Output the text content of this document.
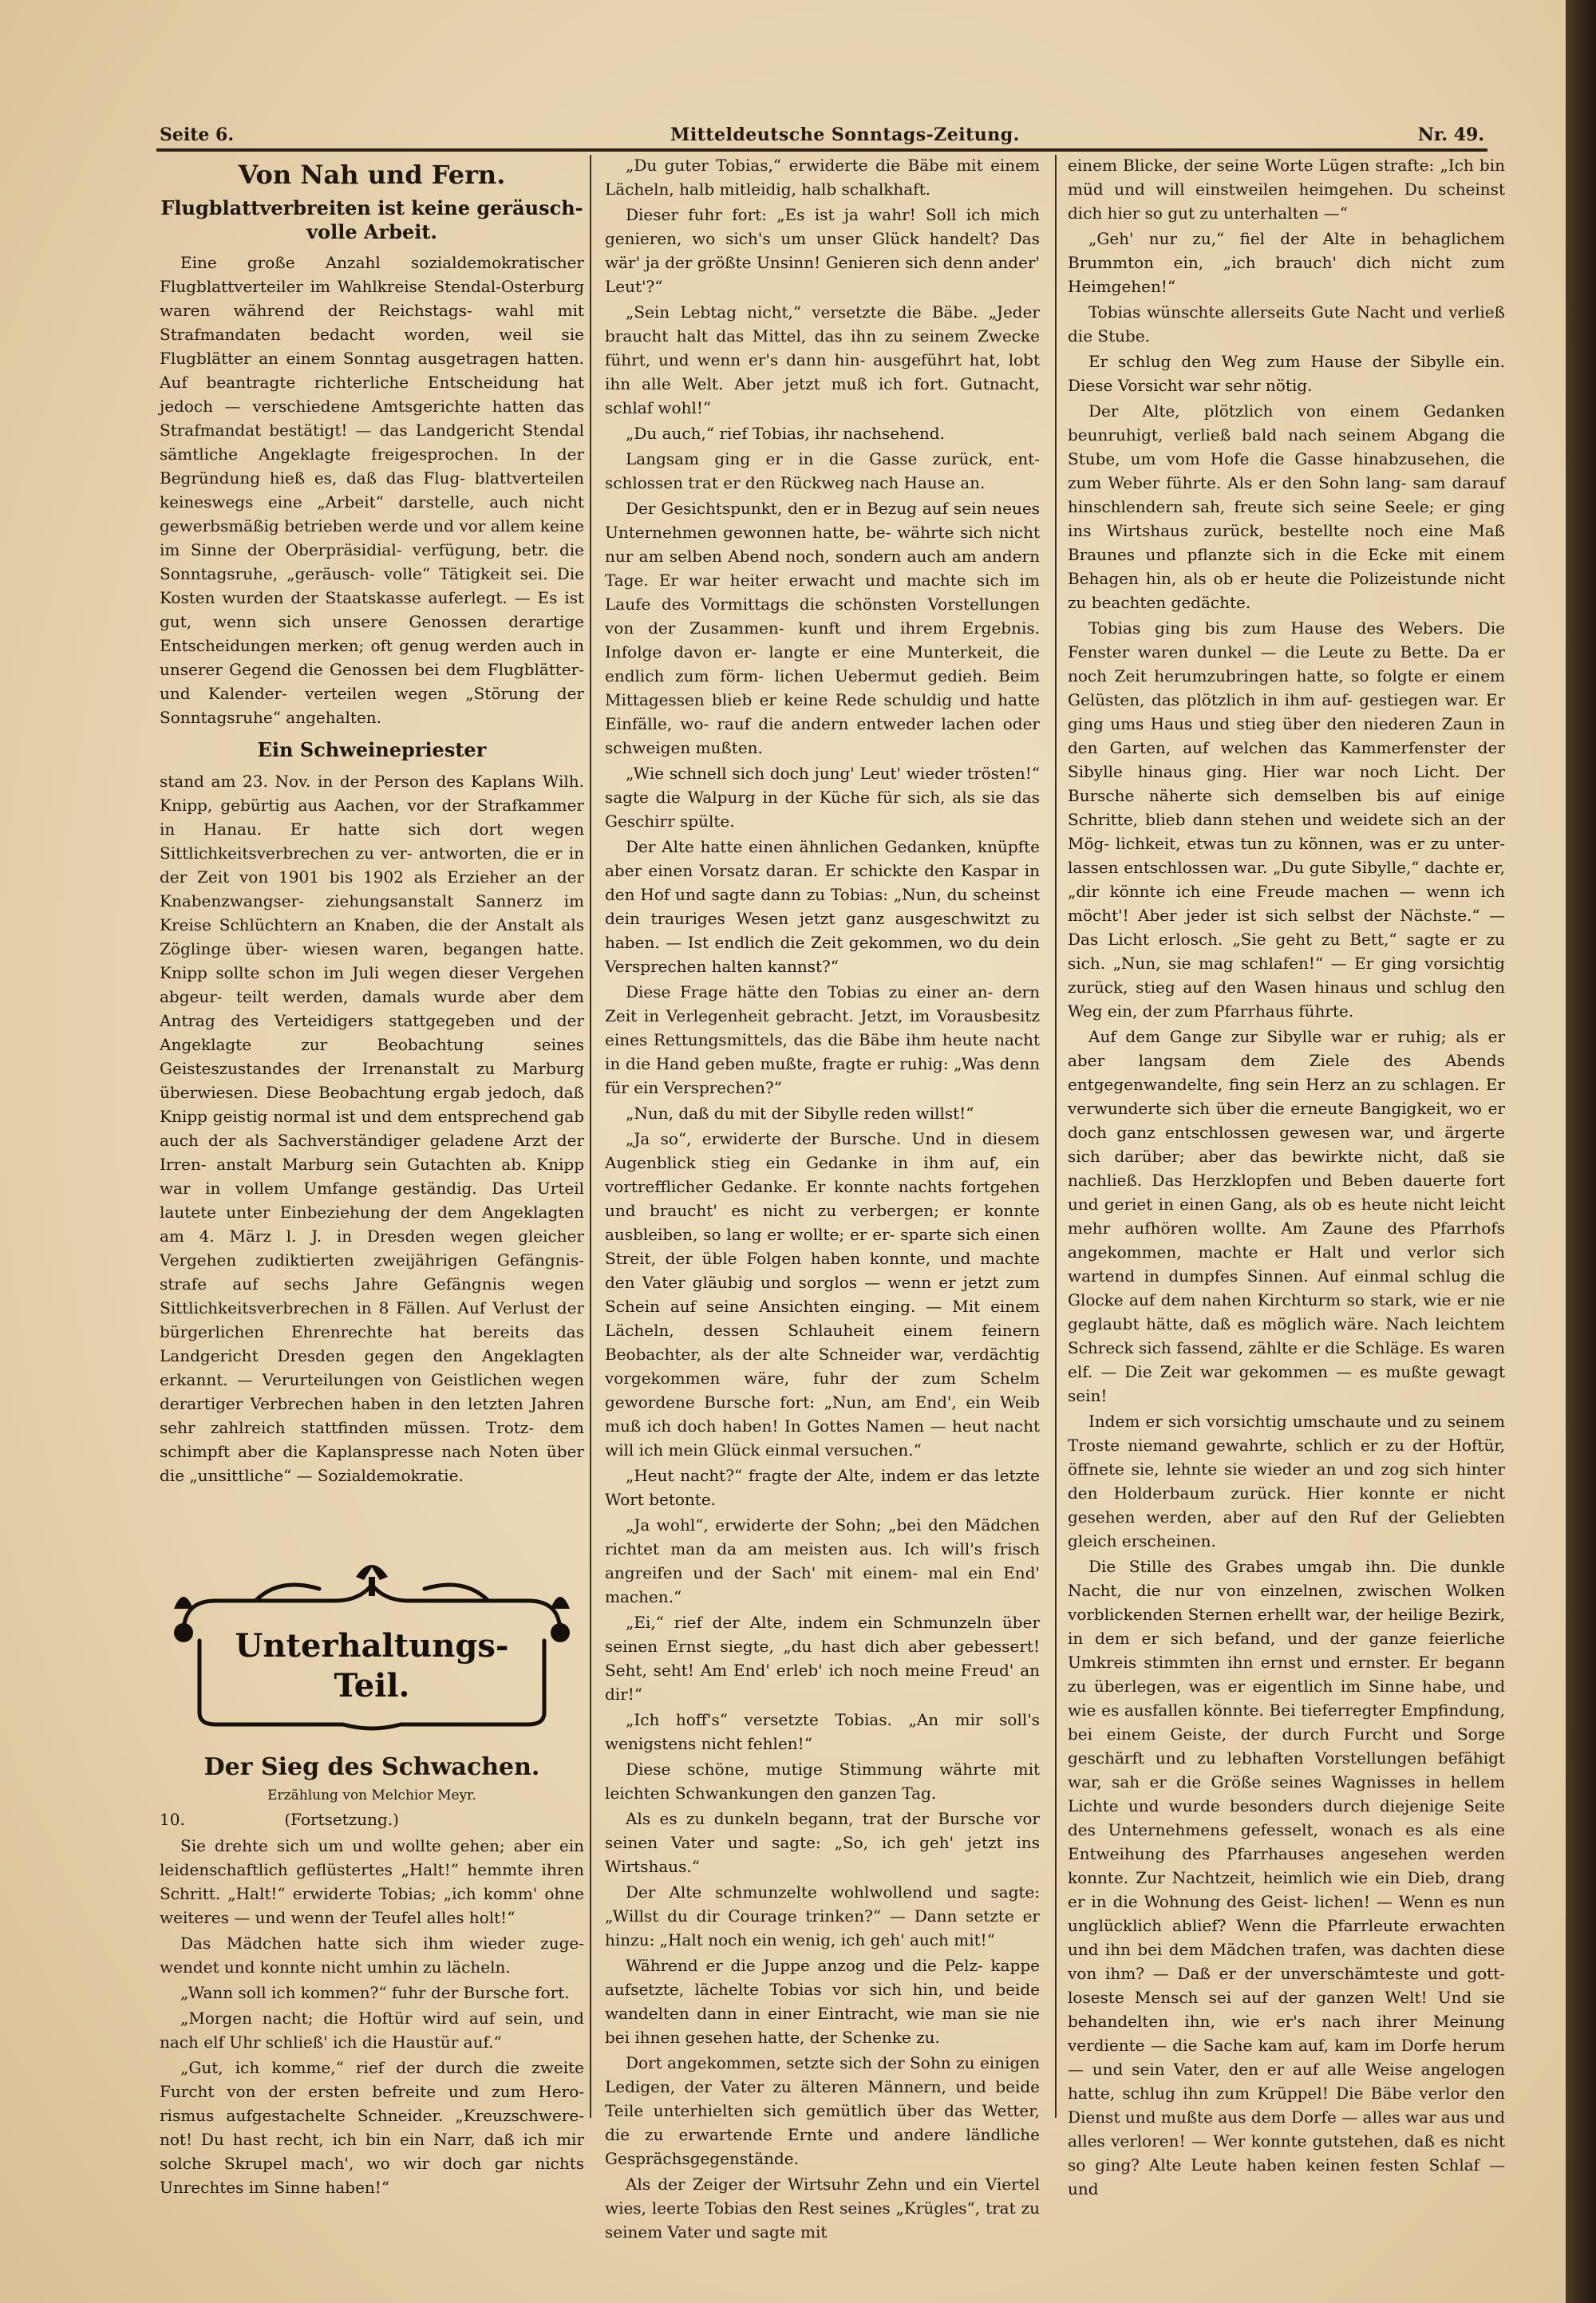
Seite 6.	Mitteldeutsche Sonntags-Zeitung.	Nr. 49.
Von Nah und Fern.
Flugblattverbreiten ist keine geräusch- volle Arbeit.

Eine große Anzahl sozialdemokratischer Flugblattverteiler im Wahlkreise Stendal-Osterburg waren während der Reichstags- wahl mit Strafmandaten bedacht worden, weil sie Flugblätter an einem Sonntag ausgetragen hatten. Auf beantragte richterliche Entscheidung hat jedoch — verschiedene Amtsgerichte hatten das Strafmandat bestätigt! — das Landgericht Stendal sämtliche Angeklagte freigesprochen. In der Begründung hieß es, daß das Flug- blattverteilen keineswegs eine „Arbeit“ darstelle, auch nicht gewerbsmäßig betrieben werde und vor allem keine im Sinne der Oberpräsidial- verfügung, betr. die Sonntagsruhe, „geräusch- volle“ Tätigkeit sei. Die Kosten wurden der Staatskasse auferlegt. — Es ist gut, wenn sich unsere Genossen derartige Entscheidungen merken; oft genug werden auch in unserer Gegend die Genossen bei dem Flugblätter- und Kalender- verteilen wegen „Störung der Sonntagsruhe“ angehalten.

Ein Schweinepriester

stand am 23. Nov. in der Person des Kaplans Wilh. Knipp, gebürtig aus Aachen, vor der Strafkammer in Hanau. Er hatte sich dort wegen Sittlichkeitsverbrechen zu ver- antworten, die er in der Zeit von 1901 bis 1902 als Erzieher an der Knabenzwangser- ziehungsanstalt Sannerz im Kreise Schlüchtern an Knaben, die der Anstalt als Zöglinge über- wiesen waren, begangen hatte. Knipp sollte schon im Juli wegen dieser Vergehen abgeur- teilt werden, damals wurde aber dem Antrag des Verteidigers stattgegeben und der Angeklagte zur Beobachtung seines Geisteszustandes der Irrenanstalt zu Marburg überwiesen. Diese Beobachtung ergab jedoch, daß Knipp geistig normal ist und dem entsprechend gab auch der als Sachverständiger geladene Arzt der Irren- anstalt Marburg sein Gutachten ab. Knipp war in vollem Umfange geständig. Das Urteil lautete unter Einbeziehung der dem Angeklagten am 4. März l. J. in Dresden wegen gleicher Vergehen zudiktierten zweijährigen Gefängnis- strafe auf sechs Jahre Gefängnis wegen Sittlichkeitsverbrechen in 8 Fällen. Auf Verlust der bürgerlichen Ehrenrechte hat bereits das Landgericht Dresden gegen den Angeklagten erkannt. — Verurteilungen von Geistlichen wegen derartiger Verbrechen haben in den letzten Jahren sehr zahlreich stattfinden müssen. Trotz- dem schimpft aber die Kaplanspresse nach Noten über die „unsittliche“ — Sozialdemokratie.

Unterhaltungs-Teil.
Der Sieg des Schwachen.
Erzählung von Melchior Meyr.
10.	(Fortsetzung.)

Sie drehte sich um und wollte gehen; aber ein leidenschaftlich geflüstertes „Halt!“ hemmte ihren Schritt. „Halt!“ erwiderte Tobias; „ich komm' ohne weiteres — und wenn der Teufel alles holt!“

Das Mädchen hatte sich ihm wieder zuge- wendet und konnte nicht umhin zu lächeln.

„Wann soll ich kommen?“ fuhr der Bursche fort.

„Morgen nacht; die Hoftür wird auf sein, und nach elf Uhr schließ' ich die Haustür auf.“

„Gut, ich komme,“ rief der durch die zweite Furcht von der ersten befreite und zum Hero- rismus aufgestachelte Schneider. „Kreuzschwere- not! Du hast recht, ich bin ein Narr, daß ich mir solche Skrupel mach', wo wir doch gar nichts Unrechtes im Sinne haben!“

„Du guter Tobias,“ erwiderte die Bäbe mit einem Lächeln, halb mitleidig, halb schalkhaft.

Dieser fuhr fort: „Es ist ja wahr! Soll ich mich genieren, wo sich's um unser Glück handelt? Das wär' ja der größte Unsinn! Genieren sich denn ander' Leut'?“

„Sein Lebtag nicht,“ versetzte die Bäbe. „Jeder braucht halt das Mittel, das ihn zu seinem Zwecke führt, und wenn er's dann hin- ausgeführt hat, lobt ihn alle Welt. Aber jetzt muß ich fort. Gutnacht, schlaf wohl!“

„Du auch,“ rief Tobias, ihr nachsehend.

Langsam ging er in die Gasse zurück, ent- schlossen trat er den Rückweg nach Hause an.

Der Gesichtspunkt, den er in Bezug auf sein neues Unternehmen gewonnen hatte, be- währte sich nicht nur am selben Abend noch, sondern auch am andern Tage. Er war heiter erwacht und machte sich im Laufe des Vormittags die schönsten Vorstellungen von der Zusammen- kunft und ihrem Ergebnis. Infolge davon er- langte er eine Munterkeit, die endlich zum förm- lichen Uebermut gedieh. Beim Mittagessen blieb er keine Rede schuldig und hatte Einfälle, wo- rauf die andern entweder lachen oder schweigen mußten.

„Wie schnell sich doch jung' Leut' wieder trösten!“ sagte die Walpurg in der Küche für sich, als sie das Geschirr spülte.

Der Alte hatte einen ähnlichen Gedanken, knüpfte aber einen Vorsatz daran. Er schickte den Kaspar in den Hof und sagte dann zu Tobias: „Nun, du scheinst dein trauriges Wesen jetzt ganz ausgeschwitzt zu haben. — Ist endlich die Zeit gekommen, wo du dein Versprechen halten kannst?“

Diese Frage hätte den Tobias zu einer an- dern Zeit in Verlegenheit gebracht. Jetzt, im Vorausbesitz eines Rettungsmittels, das die Bäbe ihm heute nacht in die Hand geben mußte, fragte er ruhig: „Was denn für ein Versprechen?“

„Nun, daß du mit der Sibylle reden willst!“

„Ja so“, erwiderte der Bursche. Und in diesem Augenblick stieg ein Gedanke in ihm auf, ein vortrefflicher Gedanke. Er konnte nachts fortgehen und braucht' es nicht zu verbergen; er konnte ausbleiben, so lang er wollte; er er- sparte sich einen Streit, der üble Folgen haben konnte, und machte den Vater gläubig und sorglos — wenn er jetzt zum Schein auf seine Ansichten einging. — Mit einem Lächeln, dessen Schlauheit einem feinern Beobachter, als der alte Schneider war, verdächtig vorgekommen wäre, fuhr der zum Schelm gewordene Bursche fort: „Nun, am End', ein Weib muß ich doch haben! In Gottes Namen — heut nacht will ich mein Glück einmal versuchen.“

„Heut nacht?“ fragte der Alte, indem er das letzte Wort betonte.

„Ja wohl“, erwiderte der Sohn; „bei den Mädchen richtet man da am meisten aus. Ich will's frisch angreifen und der Sach' mit einem- mal ein End' machen.“

„Ei,“ rief der Alte, indem ein Schmunzeln über seinen Ernst siegte, „du hast dich aber gebessert! Seht, seht! Am End' erleb' ich noch meine Freud' an dir!“

„Ich hoff's“ versetzte Tobias. „An mir soll's wenigstens nicht fehlen!“

Diese schöne, mutige Stimmung währte mit leichten Schwankungen den ganzen Tag.

Als es zu dunkeln begann, trat der Bursche vor seinen Vater und sagte: „So, ich geh' jetzt ins Wirtshaus.“

Der Alte schmunzelte wohlwollend und sagte: „Willst du dir Courage trinken?“ — Dann setzte er hinzu: „Halt noch ein wenig, ich geh' auch mit!“

Während er die Juppe anzog und die Pelz- kappe aufsetzte, lächelte Tobias vor sich hin, und beide wandelten dann in einer Eintracht, wie man sie nie bei ihnen gesehen hatte, der Schenke zu.

Dort angekommen, setzte sich der Sohn zu einigen Ledigen, der Vater zu älteren Männern, und beide Teile unterhielten sich gemütlich über das Wetter, die zu erwartende Ernte und andere ländliche Gesprächsgegenstände.

Als der Zeiger der Wirtsuhr Zehn und ein Viertel wies, leerte Tobias den Rest seines „Krügles“, trat zu seinem Vater und sagte mit

einem Blicke, der seine Worte Lügen strafte: „Ich bin müd und will einstweilen heimgehen. Du scheinst dich hier so gut zu unterhalten —“

„Geh' nur zu,“ fiel der Alte in behaglichem Brummton ein, „ich brauch' dich nicht zum Heimgehen!“

Tobias wünschte allerseits Gute Nacht und verließ die Stube.

Er schlug den Weg zum Hause der Sibylle ein. Diese Vorsicht war sehr nötig.

Der Alte, plötzlich von einem Gedanken beunruhigt, verließ bald nach seinem Abgang die Stube, um vom Hofe die Gasse hinabzusehen, die zum Weber führte. Als er den Sohn lang- sam darauf hinschlendern sah, freute sich seine Seele; er ging ins Wirtshaus zurück, bestellte noch eine Maß Braunes und pflanzte sich in die Ecke mit einem Behagen hin, als ob er heute die Polizeistunde nicht zu beachten gedächte.

Tobias ging bis zum Hause des Webers. Die Fenster waren dunkel — die Leute zu Bette. Da er noch Zeit herumzubringen hatte, so folgte er einem Gelüsten, das plötzlich in ihm auf- gestiegen war. Er ging ums Haus und stieg über den niederen Zaun in den Garten, auf welchen das Kammerfenster der Sibylle hinaus ging. Hier war noch Licht. Der Bursche näherte sich demselben bis auf einige Schritte, blieb dann stehen und weidete sich an der Mög- lichkeit, etwas tun zu können, was er zu unter- lassen entschlossen war. „Du gute Sibylle,“ dachte er, „dir könnte ich eine Freude machen — wenn ich möcht'! Aber jeder ist sich selbst der Nächste.“ — Das Licht erlosch. „Sie geht zu Bett,“ sagte er zu sich. „Nun, sie mag schlafen!“ — Er ging vorsichtig zurück, stieg auf den Wasen hinaus und schlug den Weg ein, der zum Pfarrhaus führte.

Auf dem Gange zur Sibylle war er ruhig; als er aber langsam dem Ziele des Abends entgegenwandelte, fing sein Herz an zu schlagen. Er verwunderte sich über die erneute Bangigkeit, wo er doch ganz entschlossen gewesen war, und ärgerte sich darüber; aber das bewirkte nicht, daß sie nachließ. Das Herzklopfen und Beben dauerte fort und geriet in einen Gang, als ob es heute nicht leicht mehr aufhören wollte. Am Zaune des Pfarrhofs angekommen, machte er Halt und verlor sich wartend in dumpfes Sinnen. Auf einmal schlug die Glocke auf dem nahen Kirchturm so stark, wie er nie geglaubt hätte, daß es möglich wäre. Nach leichtem Schreck sich fassend, zählte er die Schläge. Es waren elf. — Die Zeit war gekommen — es mußte gewagt sein!

Indem er sich vorsichtig umschaute und zu seinem Troste niemand gewahrte, schlich er zu der Hoftür, öffnete sie, lehnte sie wieder an und zog sich hinter den Holderbaum zurück. Hier konnte er nicht gesehen werden, aber auf den Ruf der Geliebten gleich erscheinen.

Die Stille des Grabes umgab ihn. Die dunkle Nacht, die nur von einzelnen, zwischen Wolken vorblickenden Sternen erhellt war, der heilige Bezirk, in dem er sich befand, und der ganze feierliche Umkreis stimmten ihn ernst und ernster. Er begann zu überlegen, was er eigentlich im Sinne habe, und wie es ausfallen könnte. Bei tieferregter Empfindung, bei einem Geiste, der durch Furcht und Sorge geschärft und zu lebhaften Vorstellungen befähigt war, sah er die Größe seines Wagnisses in hellem Lichte und wurde besonders durch diejenige Seite des Unternehmens gefesselt, wonach es als eine Entweihung des Pfarrhauses angesehen werden konnte. Zur Nachtzeit, heimlich wie ein Dieb, drang er in die Wohnung des Geist- lichen! — Wenn es nun unglücklich ablief? Wenn die Pfarrleute erwachten und ihn bei dem Mädchen trafen, was dachten diese von ihm? — Daß er der unverschämteste und gott- loseste Mensch sei auf der ganzen Welt! Und sie behandelten ihn, wie er's nach ihrer Meinung verdiente — die Sache kam auf, kam im Dorfe herum — und sein Vater, den er auf alle Weise angelogen hatte, schlug ihn zum Krüppel! Die Bäbe verlor den Dienst und mußte aus dem Dorfe — alles war aus und alles verloren! — Wer konnte gutstehen, daß es nicht so ging? Alte Leute haben keinen festen Schlaf — und
